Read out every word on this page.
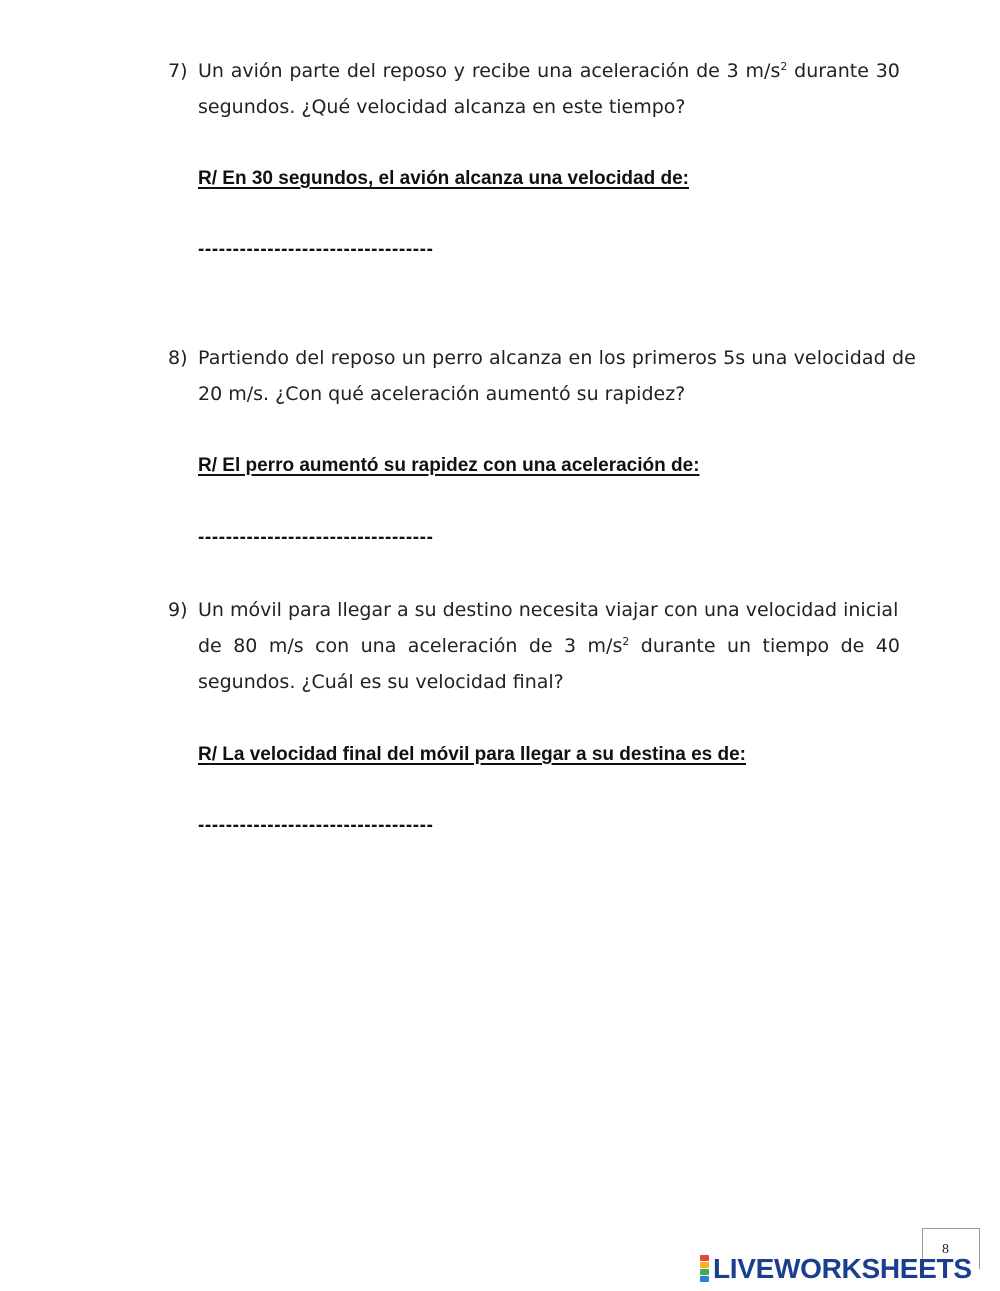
7) Un avión parte del reposo y recibe una aceleración de 3 $m/s^2$ durante 30
segundos. ¿Qué velocidad alcanza en este tiempo?
R/ En 30 segundos, el avión alcanza una velocidad de:
----------------------------------
8) Partiendo del reposo un perro alcanza en los primeros 5s una velocidad de
20 m/s. ¿Con qué aceleración aumentó su rapidez?
R/ El perro aumentó su rapidez con una aceleración de:
----------------------------------
9) Un móvil para llegar a su destino necesita viajar con una velocidad inicial
de 80 m/s con una aceleración de 3 $m/s^2$ durante un tiempo de 40
segundos. ¿Cuál es su velocidad final?
R/ La velocidad final del móvil para llegar a su destina es de:
----------------------------------
8
LIVEWORKSHEETS
